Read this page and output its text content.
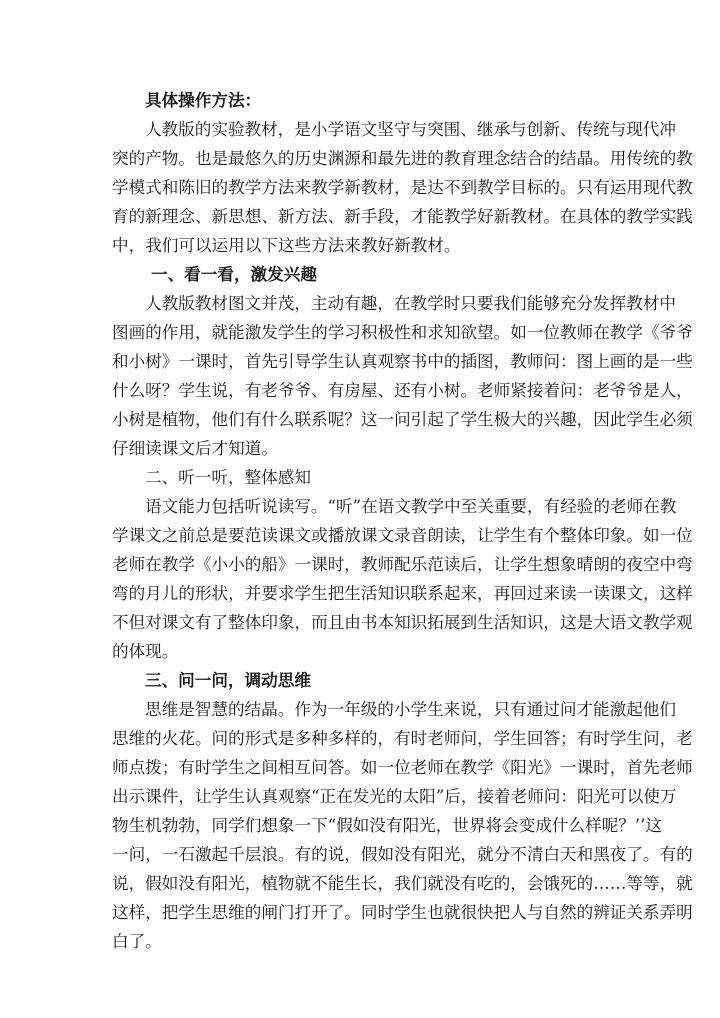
具体操作方法：
人教版的实验教材，是小学语文坚守与突围、继承与创新、传统与现代冲
突的产物。也是最悠久的历史渊源和最先进的教育理念结合的结晶。用传统的教
学模式和陈旧的教学方法来教学新教材，是达不到教学目标的。只有运用现代教
育的新理念、新思想、新方法、新手段，才能教学好新教材。在具体的教学实践
中，我们可以运用以下这些方法来教好新教材。
一、看一看，激发兴趣
人教版教材图文并茂，主动有趣，在教学时只要我们能够充分发挥教材中
图画的作用，就能激发学生的学习积极性和求知欲望。如一位教师在教学《爷爷
和小树》一课时，首先引导学生认真观察书中的插图，教师问：图上画的是一些
什么呀？学生说，有老爷爷、有房屋、还有小树。老师紧接着问：老爷爷是人，
小树是植物，他们有什么联系呢？这一问引起了学生极大的兴趣，因此学生必须
仔细读课文后才知道。
二、听一听，整体感知
语文能力包括听说读写。“听”在语文教学中至关重要，有经验的老师在教
学课文之前总是要范读课文或播放课文录音朗读，让学生有个整体印象。如一位
老师在教学《小小的船》一课时，教师配乐范读后，让学生想象晴朗的夜空中弯
弯的月儿的形状，并要求学生把生活知识联系起来，再回过来读一读课文，这样
不但对课文有了整体印象，而且由书本知识拓展到生活知识，这是大语文教学观
的体现。
三、问一问，调动思维
思维是智慧的结晶。作为一年级的小学生来说，只有通过问才能激起他们
思维的火花。问的形式是多种多样的，有时老师问，学生回答；有时学生问，老
师点拨；有时学生之间相互问答。如一位老师在教学《阳光》一课时，首先老师
出示课件，让学生认真观察“正在发光的太阳”后，接着老师问：阳光可以使万
物生机勃勃，同学们想象一下“假如没有阳光，世界将会变成什么样呢？’’这
一问，一石激起千层浪。有的说，假如没有阳光，就分不清白天和黑夜了。有的
说，假如没有阳光，植物就不能生长，我们就没有吃的，会饿死的……等等，就
这样，把学生思维的闸门打开了。同时学生也就很快把人与自然的辨证关系弄明
白了。
